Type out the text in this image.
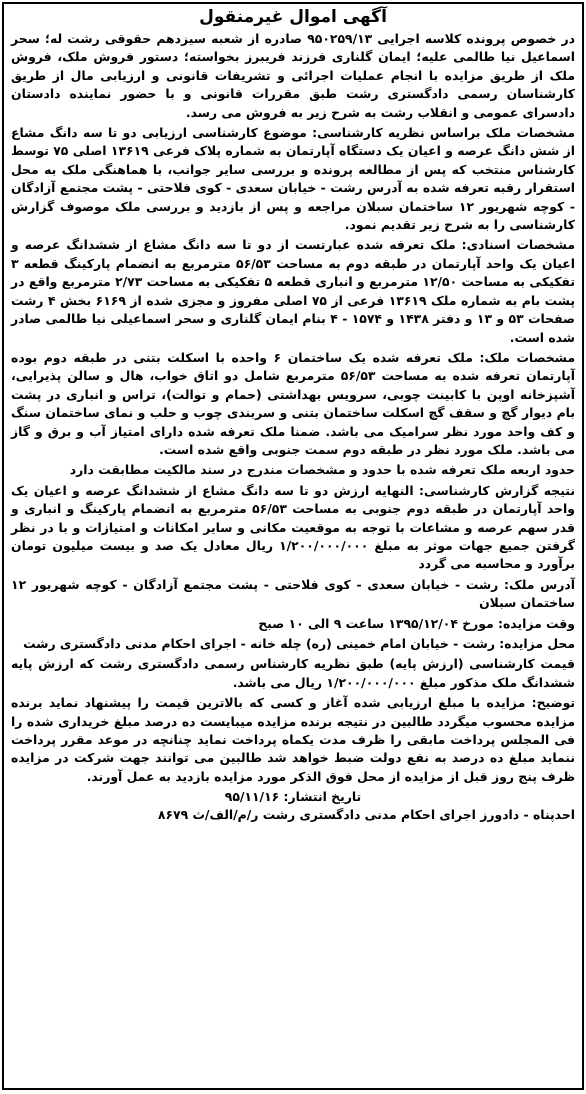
آگهی اموال غیرمنقول

در خصوص پرونده کلاسه اجرایی ۹۵۰۲۵۹/۱۳ صادره از شعبه سیزدهم حقوقی رشت له؛ سحر اسماعیل نیا طالمی علیه؛ ایمان گلناری فرزند فریبرز بخواسته؛ دستور فروش ملک، فروش ملک از طریق مزایده با انجام عملیات اجرائی و تشریفات قانونی و ارزیابی مال از طریق کارشناسان رسمی دادگستری رشت طبق مقررات قانونی و با حضور نماینده دادستان دادسرای عمومی و انقلاب رشت به شرح زیر به فروش می رسد.

مشخصات ملک براساس نظریه کارشناسی: موضوع کارشناسی ارزیابی دو تا سه دانگ مشاع از شش دانگ عرصه و اعیان یک دستگاه آپارتمان به شماره پلاک فرعی ۱۳۶۱۹ اصلی ۷۵ توسط کارشناس منتخب که پس از مطالعه پرونده و بررسی سایر جوانب، با هماهنگی ملک به محل استقرار رقبه تعرفه شده به آدرس رشت - خیابان سعدی - کوی فلاحتی - پشت مجتمع آزادگان - کوچه شهریور ۱۲ ساختمان سبلان مراجعه و پس از بازدید و بررسی ملک موصوف گزارش کارشناسی را به شرح زیر تقدیم نمود.

مشخصات اسنادی: ملک تعرفه شده عبارتست از دو تا سه دانگ مشاع از ششدانگ عرصه و اعیان یک واحد آپارتمان در طبقه دوم به مساحت ۵۶/۵۳ مترمربع به انضمام پارکینگ قطعه ۳ تفکیکی به مساحت ۱۲/۵۰ مترمربع و انباری قطعه ۵ تفکیکی به مساحت ۲/۷۳ مترمربع واقع در پشت بام به شماره ملک ۱۳۶۱۹ فرعی از ۷۵ اصلی مفروز و مجزی شده از ۶۱۶۹ بخش ۴ رشت صفحات ۵۳ و ۱۳ و دفتر ۱۴۳۸ و ۱۵۷۴ - ۴ بنام ایمان گلناری و سحر اسماعیلی نیا طالمی صادر شده است.

مشخصات ملک: ملک تعرفه شده یک ساختمان ۶ واحده با اسکلت بتنی در طبقه دوم بوده آپارتمان تعرفه شده به مساحت ۵۶/۵۳ مترمربع شامل دو اتاق خواب، هال و سالن پذیرایی، آشپزخانه اوپن با کابینت چوبی، سرویس بهداشتی (حمام و توالت)، تراس و انباری در پشت بام دیوار گچ و سقف گچ اسکلت ساختمان بتنی و سربندی چوب و حلب و نمای ساختمان سنگ و کف واحد مورد نظر سرامیک می باشد. ضمنا ملک تعرفه شده دارای امتیاز آب و برق و گاز می باشد. ملک مورد نظر در طبقه دوم سمت جنوبی واقع شده است.

حدود اربعه ملک تعرفه شده با حدود و مشخصات مندرج در سند مالکیت مطابقت دارد

نتیجه گزارش کارشناسی: النهایه ارزش دو تا سه دانگ مشاع از ششدانگ عرصه و اعیان یک واحد آپارتمان در طبقه دوم جنوبی به مساحت ۵۶/۵۳ مترمربع به انضمام پارکینگ و انباری و قدر سهم عرصه و مشاعات با توجه به موقعیت مکانی و سایر امکانات و امتیازات و با در نظر گرفتن جمیع جهات موثر به مبلغ ۱/۲۰۰/۰۰۰/۰۰۰ ریال معادل یک صد و بیست میلیون تومان برآورد و محاسبه می گردد

آدرس ملک: رشت - خیابان سعدی - کوی فلاحتی - پشت مجتمع آزادگان - کوچه شهریور ۱۲ ساختمان سبلان

وقت مزایده: مورخ ۱۳۹۵/۱۲/۰۴ ساعت ۹ الی ۱۰ صبح

محل مزایده: رشت - خیابان امام خمینی (ره) چله خانه - اجرای احکام مدنی دادگستری رشت

قیمت کارشناسی (ارزش پایه) طبق نظریه کارشناس رسمی دادگستری رشت که ارزش پایه ششدانگ ملک مذکور مبلغ ۱/۲۰۰/۰۰۰/۰۰۰ ریال می باشد.

توضیح: مزایده با مبلغ ارزیابی شده آغاز و کسی که بالاترین قیمت را پیشنهاد نماید برنده مزایده محسوب میگردد طالبین در نتیجه برنده مزایده میبایست ده درصد مبلغ خریداری شده را فی المجلس پرداخت مابقی را ظرف مدت یکماه پرداخت نماید چنانچه در موعد مقرر پرداخت ننماید مبلغ ده درصد به نفع دولت ضبط خواهد شد طالبین می توانند جهت شرکت در مزایده ظرف پنج روز قبل از مزایده از محل فوق الذکر مورد مزایده بازدید به عمل آورند.

تاریخ انتشار: ۹۵/۱۱/۱۶

احدپناه - دادورز اجرای احکام مدنی دادگستری رشت ر/م/الف/ث ۸۶۷۹
